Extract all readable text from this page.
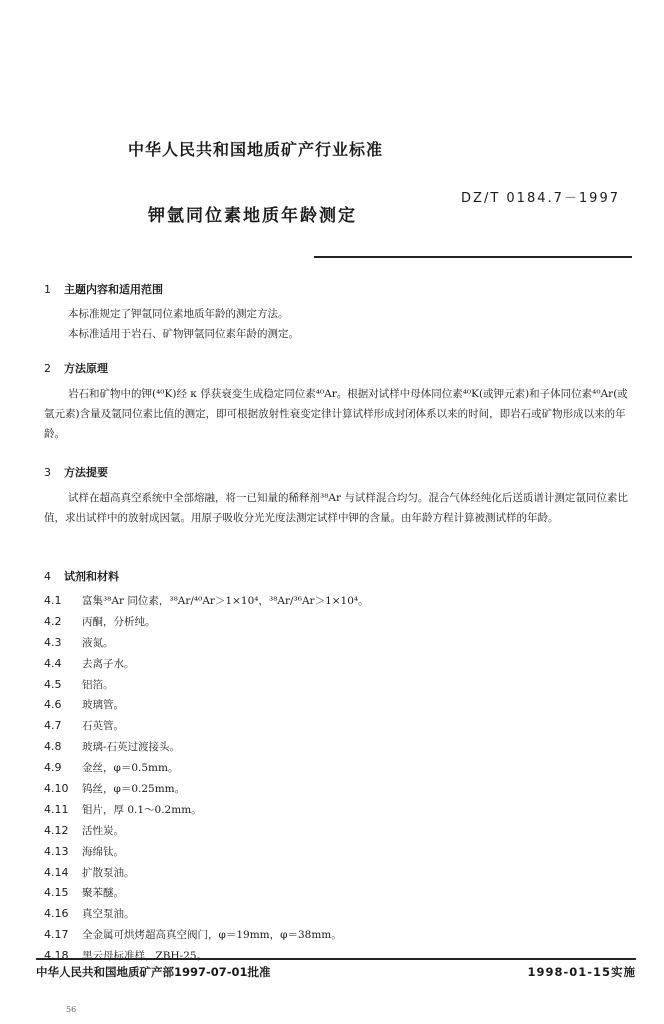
中华人民共和国地质矿产行业标准
DZ/T 0184.7－1997
钾氩同位素地质年龄测定
1 主题内容和适用范围
本标准规定了钾氩同位素地质年龄的测定方法。
本标准适用于岩石、矿物钾氩同位素年龄的测定。
2 方法原理
岩石和矿物中的钾(⁴⁰K)经 κ 俘获衰变生成稳定同位素⁴⁰Ar。根据对试样中母体同位素⁴⁰K(或钾元素)和子体同位素⁴⁰Ar(或氩元素)含量及氩同位素比值的测定，即可根据放射性衰变定律计算试样形成封闭体系以来的时间，即岩石或矿物形成以来的年龄。
3 方法提要
试样在超高真空系统中全部熔融，将一已知量的稀释剂³⁸Ar 与试样混合均匀。混合气体经纯化后送质谱计测定氩同位素比值，求出试样中的放射成因氩。用原子吸收分光光度法测定试样中钾的含量。由年龄方程计算被测试样的年龄。
4 试剂和材料
4.1 富集³⁸Ar 同位素，³⁸Ar/⁴⁰Ar＞1×10⁴，³⁸Ar/³⁶Ar＞1×10⁴。
4.2 丙酮，分析纯。
4.3 液氮。
4.4 去离子水。
4.5 铝箔。
4.6 玻璃管。
4.7 石英管。
4.8 玻璃-石英过渡接头。
4.9 金丝，φ＝0.5mm。
4.10 钨丝，φ＝0.25mm。
4.11 钼片，厚 0.1～0.2mm。
4.12 活性炭。
4.13 海绵钛。
4.14 扩散泵油。
4.15 聚苯醚。
4.16 真空泵油。
4.17 全金属可烘烤超高真空阀门，φ＝19mm，φ＝38mm。
4.18 黑云母标准样，ZBH-25。
中华人民共和国地质矿产部1997-07-01批准	1998-01-15实施
56
